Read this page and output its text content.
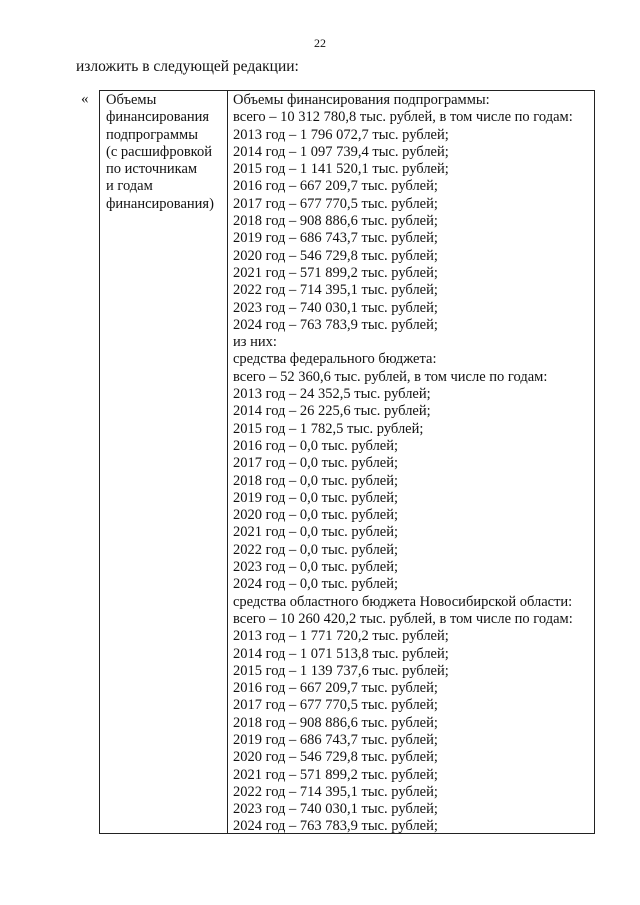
22
изложить в следующей редакции:
« Объемы
финансирования
подпрограммы
(с расшифровкой
по источникам
и годам
финансирования)
Объемы финансирования подпрограммы:
всего – 10 312 780,8 тыс. рублей, в том числе по годам:
2013 год – 1 796 072,7 тыс. рублей;
2014 год – 1 097 739,4 тыс. рублей;
2015 год – 1 141 520,1 тыс. рублей;
2016 год – 667 209,7 тыс. рублей;
2017 год – 677 770,5 тыс. рублей;
2018 год – 908 886,6 тыс. рублей;
2019 год – 686 743,7 тыс. рублей;
2020 год – 546 729,8 тыс. рублей;
2021 год – 571 899,2 тыс. рублей;
2022 год – 714 395,1 тыс. рублей;
2023 год – 740 030,1 тыс. рублей;
2024 год – 763 783,9 тыс. рублей;
из них:
средства федерального бюджета:
всего – 52 360,6 тыс. рублей, в том числе по годам:
2013 год – 24 352,5 тыс. рублей;
2014 год – 26 225,6 тыс. рублей;
2015 год – 1 782,5 тыс. рублей;
2016 год – 0,0 тыс. рублей;
2017 год – 0,0 тыс. рублей;
2018 год – 0,0 тыс. рублей;
2019 год – 0,0 тыс. рублей;
2020 год – 0,0 тыс. рублей;
2021 год – 0,0 тыс. рублей;
2022 год – 0,0 тыс. рублей;
2023 год – 0,0 тыс. рублей;
2024 год – 0,0 тыс. рублей;
средства областного бюджета Новосибирской области:
всего – 10 260 420,2 тыс. рублей, в том числе по годам:
2013 год – 1 771 720,2 тыс. рублей;
2014 год – 1 071 513,8 тыс. рублей;
2015 год – 1 139 737,6 тыс. рублей;
2016 год – 667 209,7 тыс. рублей;
2017 год – 677 770,5 тыс. рублей;
2018 год – 908 886,6 тыс. рублей;
2019 год – 686 743,7 тыс. рублей;
2020 год – 546 729,8 тыс. рублей;
2021 год – 571 899,2 тыс. рублей;
2022 год – 714 395,1 тыс. рублей;
2023 год – 740 030,1 тыс. рублей;
2024 год – 763 783,9 тыс. рублей;
